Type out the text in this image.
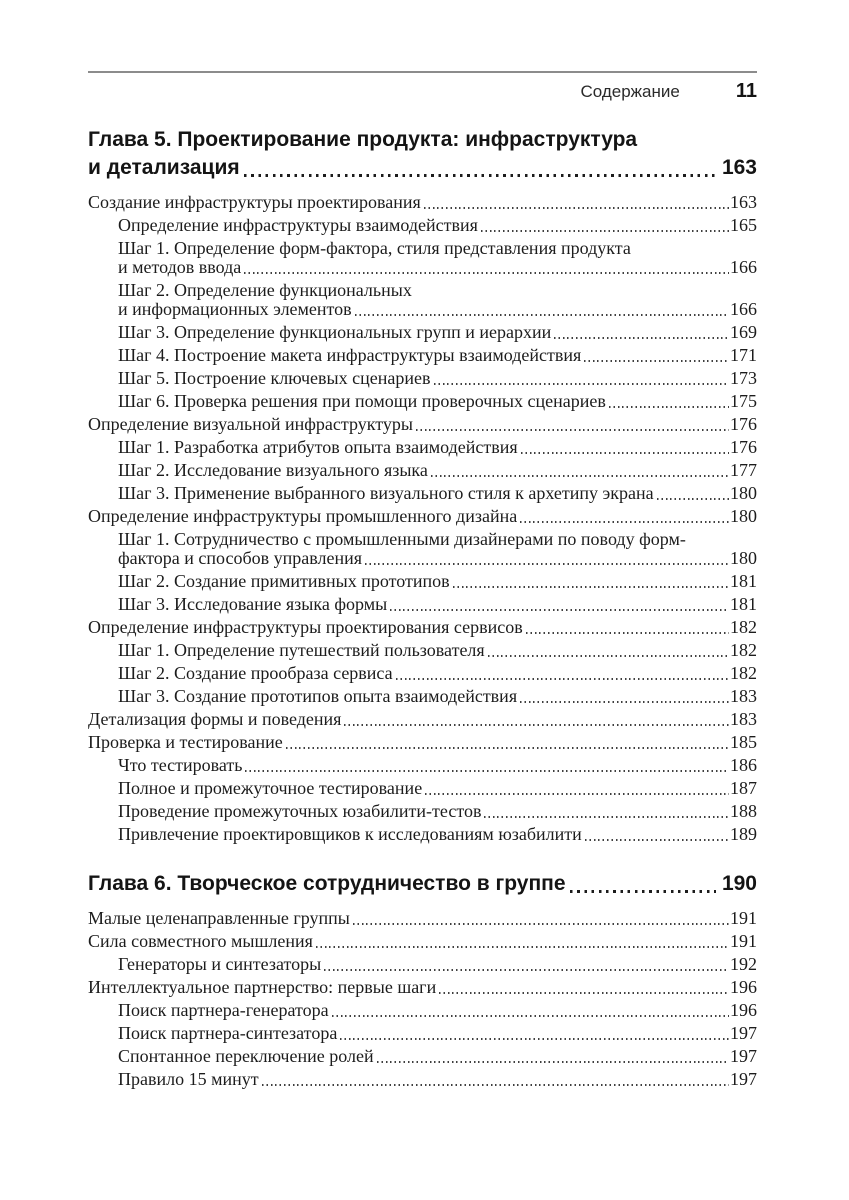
Содержание	11
Глава 5. Проектирование продукта: инфраструктура
и детализация	163
Создание инфраструктуры проектирования	163
Определение инфраструктуры взаимодействия	165
Шаг 1. Определение форм-фактора, стиля представления продукта
и методов ввода	166
Шаг 2. Определение функциональных
и информационных элементов	166
Шаг 3. Определение функциональных групп и иерархии	169
Шаг 4. Построение макета инфраструктуры взаимодействия	171
Шаг 5. Построение ключевых сценариев	173
Шаг 6. Проверка решения при помощи проверочных сценариев	175
Определение визуальной инфраструктуры	176
Шаг 1. Разработка атрибутов опыта взаимодействия	176
Шаг 2. Исследование визуального языка	177
Шаг 3. Применение выбранного визуального стиля к архетипу экрана	180
Определение инфраструктуры промышленного дизайна	180
Шаг 1. Сотрудничество с промышленными дизайнерами по поводу форм-
фактора и способов управления	180
Шаг 2. Создание примитивных прототипов	181
Шаг 3. Исследование языка формы	181
Определение инфраструктуры проектирования сервисов	182
Шаг 1. Определение путешествий пользователя	182
Шаг 2. Создание прообраза сервиса	182
Шаг 3. Создание прототипов опыта взаимодействия	183
Детализация формы и поведения	183
Проверка и тестирование	185
Что тестировать	186
Полное и промежуточное тестирование	187
Проведение промежуточных юзабилити-тестов	188
Привлечение проектировщиков к исследованиям юзабилити	189
Глава 6. Творческое сотрудничество в группе	190
Малые целенаправленные группы	191
Сила совместного мышления	191
Генераторы и синтезаторы	192
Интеллектуальное партнерство: первые шаги	196
Поиск партнера-генератора	196
Поиск партнера-синтезатора	197
Спонтанное переключение ролей	197
Правило 15 минут	197
